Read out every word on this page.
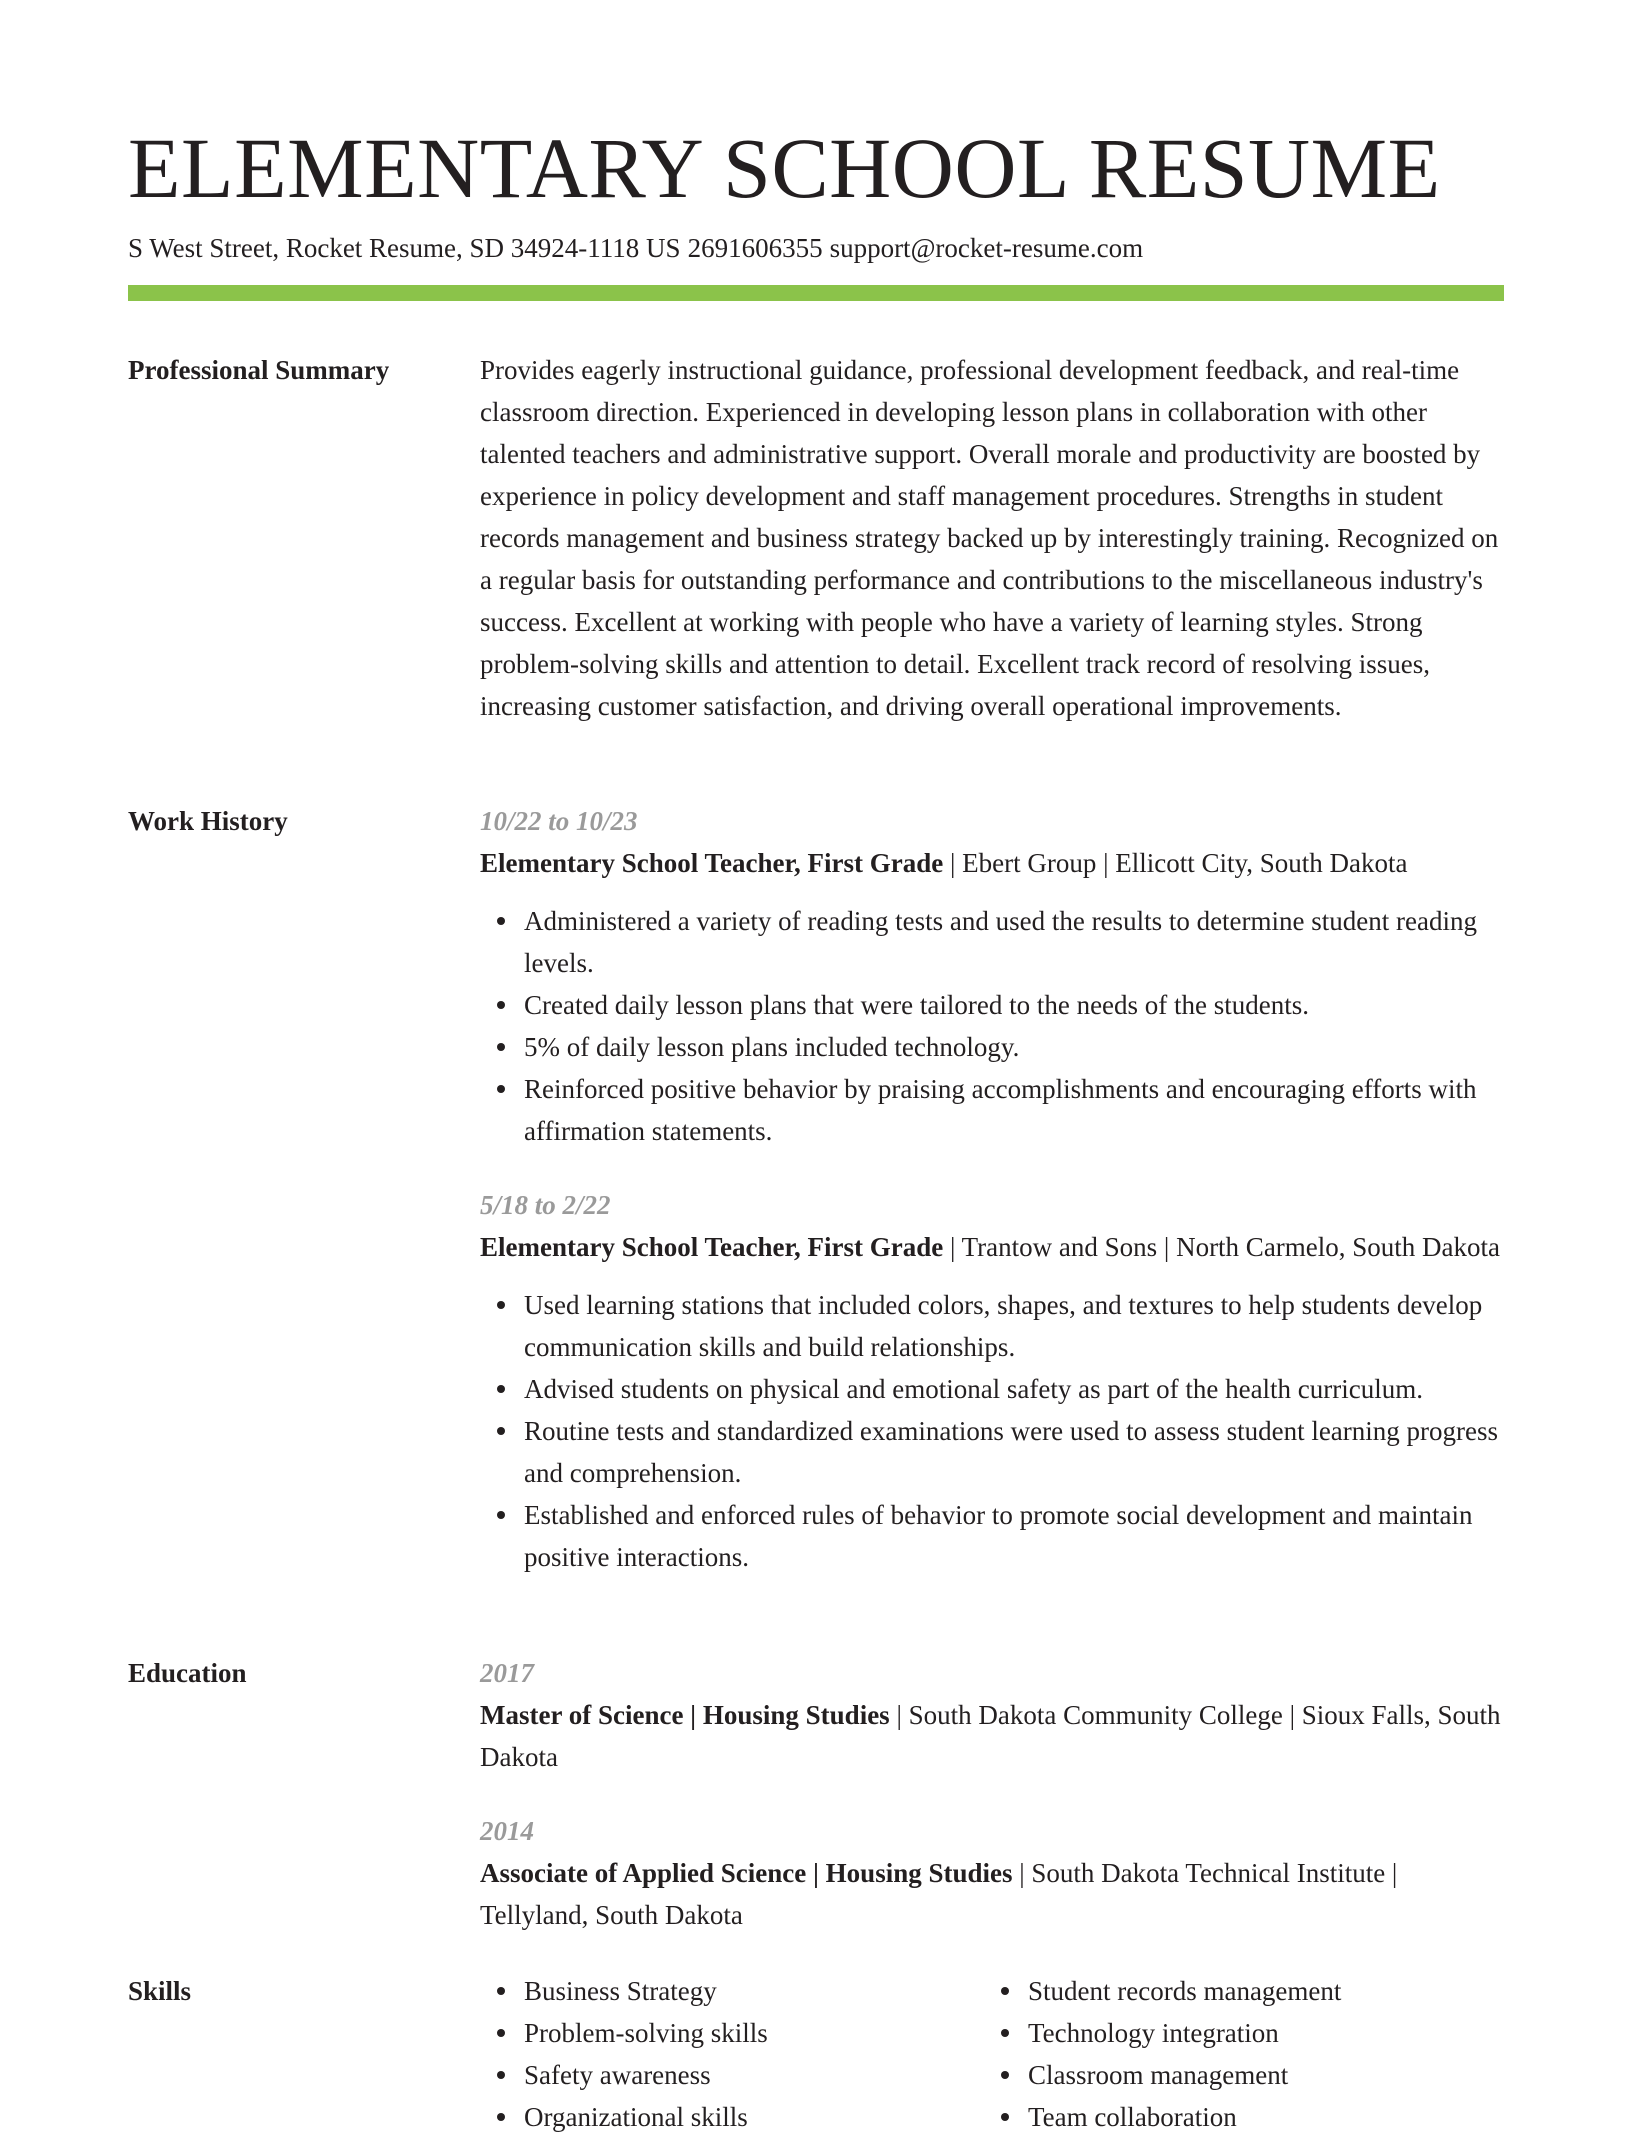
ELEMENTARY SCHOOL RESUME
S West Street, Rocket Resume, SD 34924-1118 US 2691606355 support@rocket-resume.com
Professional Summary	Provides eagerly instructional guidance, professional development feedback, and real-time classroom direction. Experienced in developing lesson plans in collaboration with other talented teachers and administrative support. Overall morale and productivity are boosted by experience in policy development and staff management procedures. Strengths in student records management and business strategy backed up by interestingly training. Recognized on a regular basis for outstanding performance and contributions to the miscellaneous industry's success. Excellent at working with people who have a variety of learning styles. Strong problem-solving skills and attention to detail. Excellent track record of resolving issues, increasing customer satisfaction, and driving overall operational improvements.

Work History	10/22 to 10/23
Elementary School Teacher, First Grade | Ebert Group | Ellicott City, South Dakota
Administered a variety of reading tests and used the results to determine student reading levels.
Created daily lesson plans that were tailored to the needs of the students.
5% of daily lesson plans included technology.
Reinforced positive behavior by praising accomplishments and encouraging efforts with affirmation statements.
5/18 to 2/22
Elementary School Teacher, First Grade | Trantow and Sons | North Carmelo, South Dakota
Used learning stations that included colors, shapes, and textures to help students develop communication skills and build relationships.
Advised students on physical and emotional safety as part of the health curriculum.
Routine tests and standardized examinations were used to assess student learning progress and comprehension.
Established and enforced rules of behavior to promote social development and maintain positive interactions.
Education	2017
Master of Science | Housing Studies | South Dakota Community College | Sioux Falls, South Dakota
2014
Associate of Applied Science | Housing Studies | South Dakota Technical Institute | Tellyland, South Dakota
Skills	Business Strategy
Problem-solving skills
Safety awareness
Organizational skills
Student records management
Technology integration
Classroom management
Team collaboration
